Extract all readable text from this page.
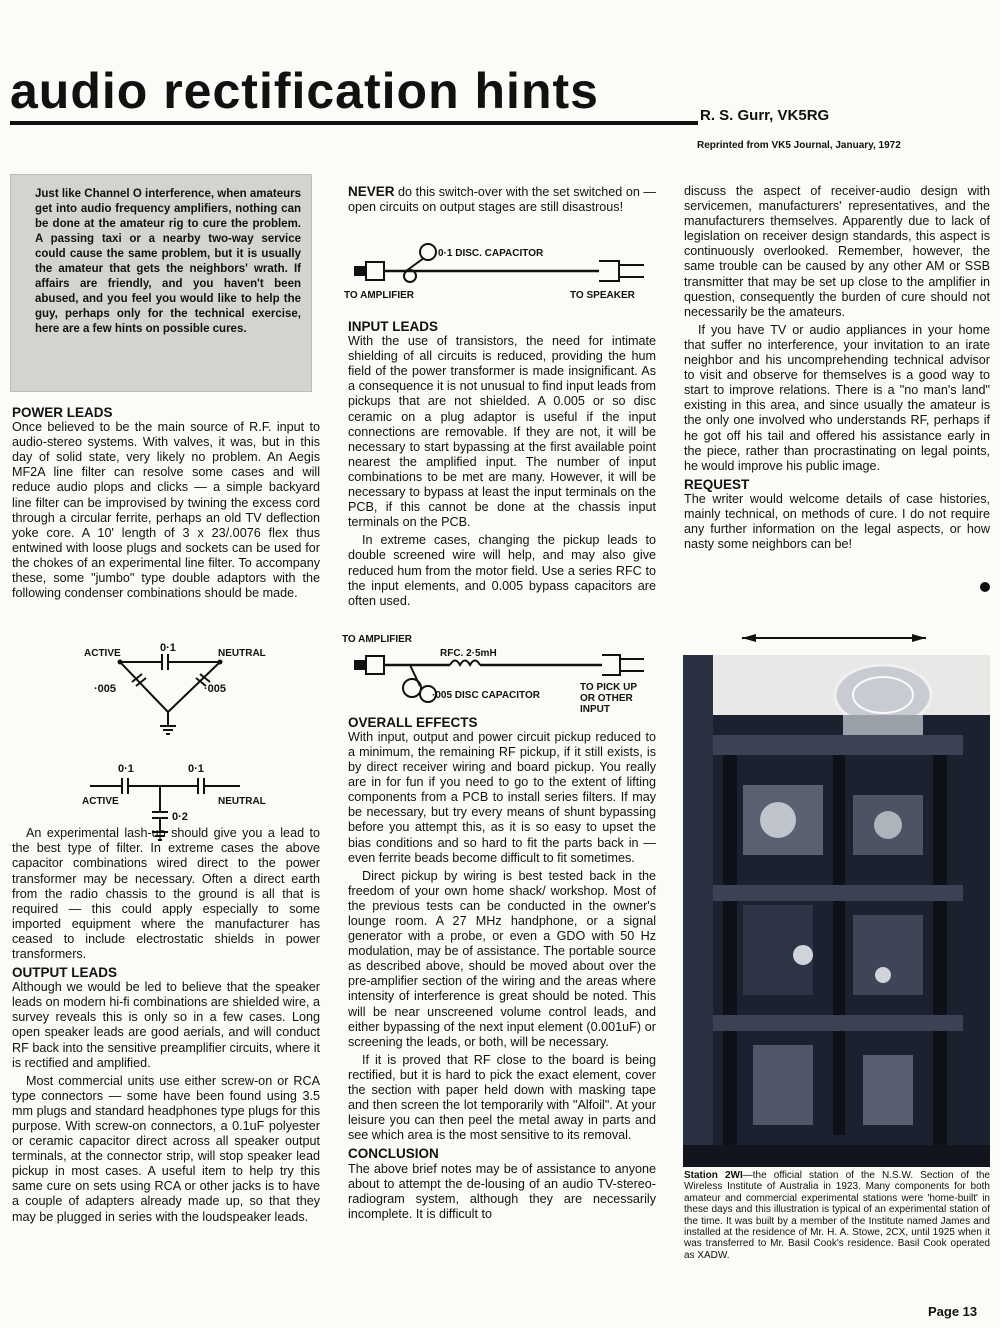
audio rectification hints	R. S. Gurr, VK5RG
Reprinted from VK5 Journal, January, 1972

Just like Channel O interference, when amateurs get into audio frequency amplifiers, nothing can be done at the amateur rig to cure the problem. A passing taxi or a nearby two-way service could cause the same problem, but it is usually the amateur that gets the neighbors' wrath. If affairs are friendly, and you haven't been abused, and you feel you would like to help the guy, perhaps only for the technical exercise, here are a few hints on possible cures.

POWER LEADS

Once believed to be the main source of R.F. input to audio-stereo systems. With valves, it was, but in this day of solid state, very likely no problem. An Aegis MF2A line filter can resolve some cases and will reduce audio plops and clicks — a simple backyard line filter can be improvised by twining the excess cord through a circular ferrite, perhaps an old TV deflection yoke core. A 10' length of 3 x 23/.0076 flex thus entwined with loose plugs and sockets can be used for the chokes of an experimental line filter. To accompany these, some "jumbo" type double adaptors with the following condenser combinations should be made.

An experimental lash-up should give you a lead to the best type of filter. In extreme cases the above capacitor combinations wired direct to the power transformer may be necessary. Often a direct earth from the radio chassis to the ground is all that is required — this could apply especially to some imported equipment where the manufacturer has ceased to include electrostatic shields in power transformers.

OUTPUT LEADS

Although we would be led to believe that the speaker leads on modern hi-fi combinations are shielded wire, a survey reveals this is only so in a few cases. Long open speaker leads are good aerials, and will conduct RF back into the sensitive preamplifier circuits, where it is rectified and amplified.

Most commercial units use either screw-on or RCA type connectors — some have been found using 3.5 mm plugs and standard headphones type plugs for this purpose. With screw-on connectors, a 0.1uF polyester or ceramic capacitor direct across all speaker output terminals, at the connector strip, will stop speaker lead pickup in most cases. A useful item to help try this same cure on sets using RCA or other jacks is to have a couple of adapters already made up, so that they may be plugged in series with the loudspeaker leads.

ACTIVE	NEUTRAL
0·1
·005	·005
0·1	0·1
ACTIVE	NEUTRAL
0·2

NEVER do this switch-over with the set switched on — open circuits on output stages are still disastrous!

0·1 DISC. CAPACITOR
TO AMPLIFIER	TO SPEAKER
INPUT LEADS

With the use of transistors, the need for intimate shielding of all circuits is reduced, providing the hum field of the power transformer is made insignificant. As a consequence it is not unusual to find input leads from pickups that are not shielded. A 0.005 or so disc ceramic on a plug adaptor is useful if the input connections are removable. If they are not, it will be necessary to start bypassing at the first available point nearest the amplified input. The number of input combinations to be met are many. However, it will be necessary to bypass at least the input terminals on the PCB, if this cannot be done at the chassis input terminals on the PCB.

In extreme cases, changing the pickup leads to double screened wire will help, and may also give reduced hum from the motor field. Use a series RFC to the input elements, and 0.005 bypass capacitors are often used.

OVERALL EFFECTS

With input, output and power circuit pickup reduced to a minimum, the remaining RF pickup, if it still exists, is by direct receiver wiring and board pickup. You really are in for fun if you need to go to the extent of lifting components from a PCB to install series filters. If may be necessary, but try every means of shunt bypassing before you attempt this, as it is so easy to upset the bias conditions and so hard to fit the parts back in — even ferrite beads become difficult to fit sometimes.

Direct pickup by wiring is best tested back in the freedom of your own home shack/ workshop. Most of the previous tests can be conducted in the owner's lounge room. A 27 MHz handphone, or a signal generator with a probe, or even a GDO with 50 Hz modulation, may be of assistance. The portable source as described above, should be moved about over the pre-amplifier section of the wiring and the areas where intensity of interference is great should be noted. This will be near unscreened volume control leads, and either bypassing of the next input element (0.001uF) or screening the leads, or both, will be necessary.

If it is proved that RF close to the board is being rectified, but it is hard to pick the exact element, cover the section with paper held down with masking tape and then screen the lot temporarily with "Alfoil". At your leisure you can then peel the metal away in parts and see which area is the most sensitive to its removal.

CONCLUSION

The above brief notes may be of assistance to anyone about to attempt the de-lousing of an audio TV-stereo-radiogram system, although they are necessarily incomplete. It is difficult to

TO AMPLIFIER
RFC. 2·5mH
·005 DISC CAPACITOR
TO PICK UP
OR OTHER
INPUT

discuss the aspect of receiver-audio design with servicemen, manufacturers' representatives, and the manufacturers themselves. Apparently due to lack of legislation on receiver design standards, this aspect is continuously overlooked. Remember, however, the same trouble can be caused by any other AM or SSB transmitter that may be set up close to the amplifier in question, consequently the burden of cure should not necessarily be the amateurs.

If you have TV or audio appliances in your home that suffer no interference, your invitation to an irate neighbor and his uncomprehending technical advisor to visit and observe for themselves is a good way to start to improve relations. There is a "no man's land" existing in this area, and since usually the amateur is the only one involved who understands RF, perhaps if he got off his tail and offered his assistance early in the piece, rather than procrastinating on legal points, he would improve his public image.

REQUEST

The writer would welcome details of case histories, mainly technical, on methods of cure. I do not require any further information on the legal aspects, or how nasty some neighbors can be!

Station 2WI—the official station of the N.S.W. Section of the Wireless Institute of Australia in 1923. Many components for both amateur and commercial experimental stations were 'home-built' in these days and this illustration is typical of an experimental station of the time. It was built by a member of the Institute named James and installed at the residence of Mr. H. A. Stowe, 2CX, until 1925 when it was transferred to Mr. Basil Cook's residence. Basil Cook operated as XADW.

Page 13
